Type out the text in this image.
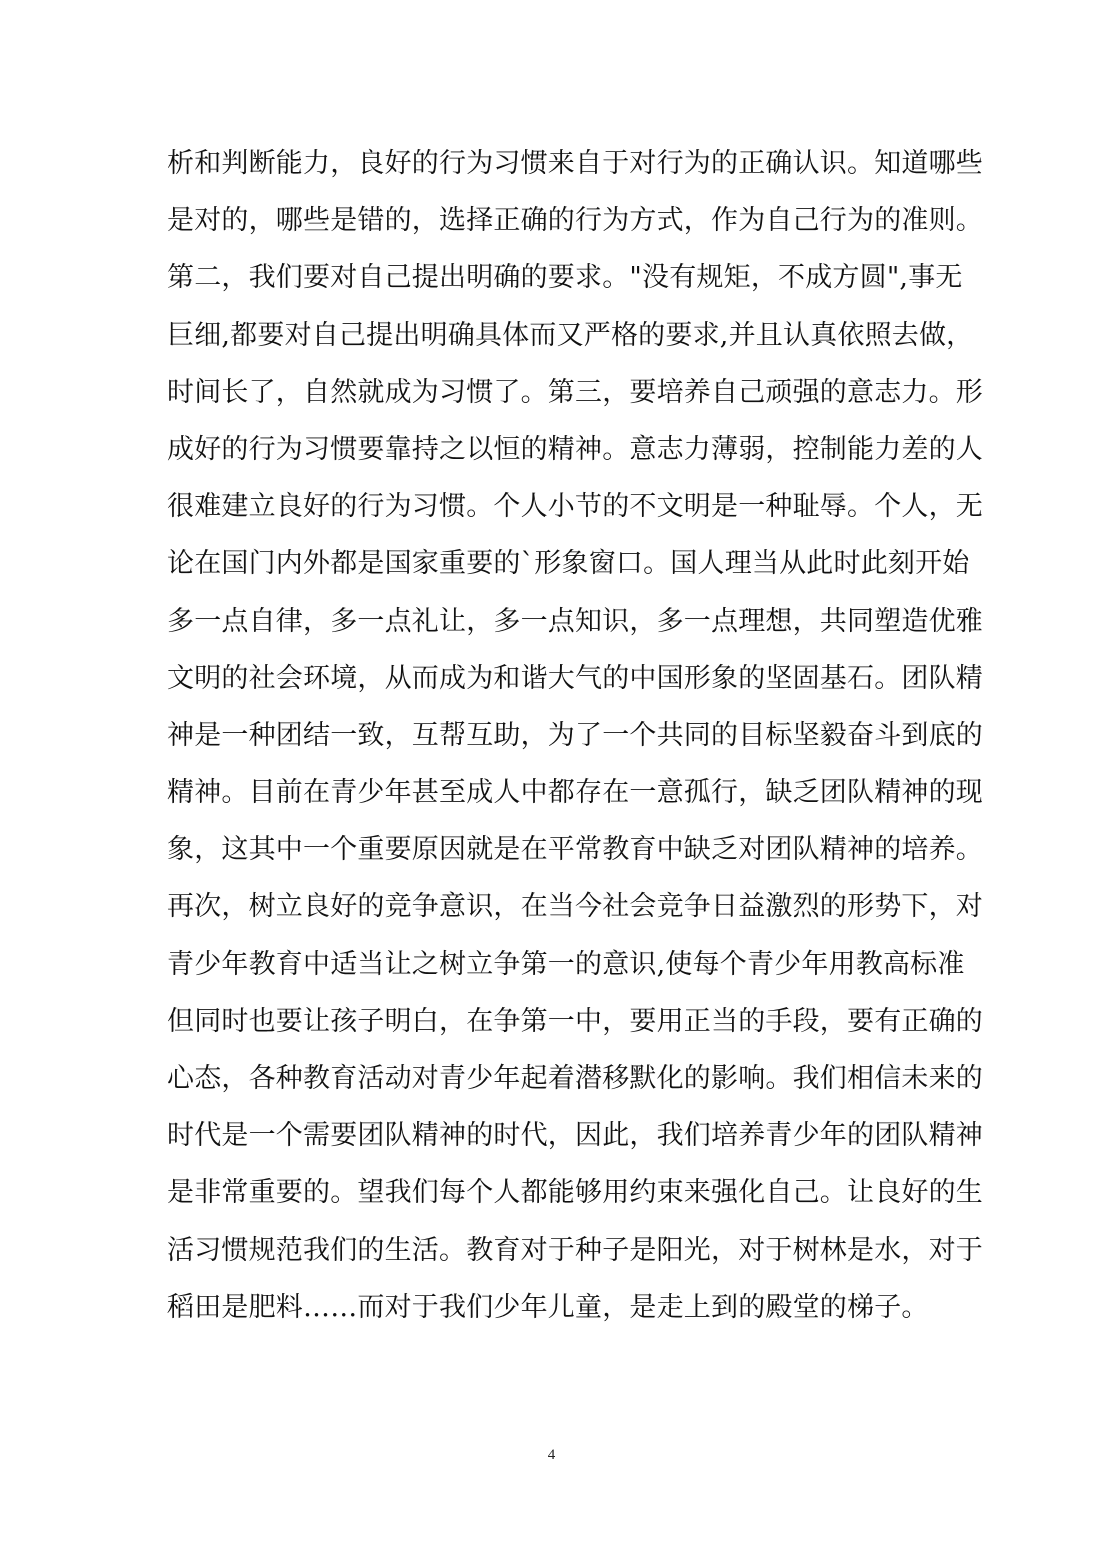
析和判断能力，良好的行为习惯来自于对行为的正确认识。知道哪些
是对的，哪些是错的，选择正确的行为方式，作为自己行为的准则。
第二，我们要对自己提出明确的要求。"没有规矩，不成方圆",事无
巨细,都要对自己提出明确具体而又严格的要求,并且认真依照去做，
时间长了，自然就成为习惯了。第三，要培养自己顽强的意志力。形
成好的行为习惯要靠持之以恒的精神。意志力薄弱，控制能力差的人
很难建立良好的行为习惯。个人小节的不文明是一种耻辱。个人，无
论在国门内外都是国家重要的`形象窗口。国人理当从此时此刻开始
多一点自律，多一点礼让，多一点知识，多一点理想，共同塑造优雅
文明的社会环境，从而成为和谐大气的中国形象的坚固基石。团队精
神是一种团结一致，互帮互助，为了一个共同的目标坚毅奋斗到底的
精神。目前在青少年甚至成人中都存在一意孤行，缺乏团队精神的现
象，这其中一个重要原因就是在平常教育中缺乏对团队精神的培养。
再次，树立良好的竞争意识，在当今社会竞争日益激烈的形势下，对
青少年教育中适当让之树立争第一的意识,使每个青少年用教高标准
但同时也要让孩子明白，在争第一中，要用正当的手段，要有正确的
心态，各种教育活动对青少年起着潜移默化的影响。我们相信未来的
时代是一个需要团队精神的时代，因此，我们培养青少年的团队精神
是非常重要的。望我们每个人都能够用约束来强化自己。让良好的生
活习惯规范我们的生活。教育对于种子是阳光，对于树林是水，对于
稻田是肥料……而对于我们少年儿童，是走上到的殿堂的梯子。
4
